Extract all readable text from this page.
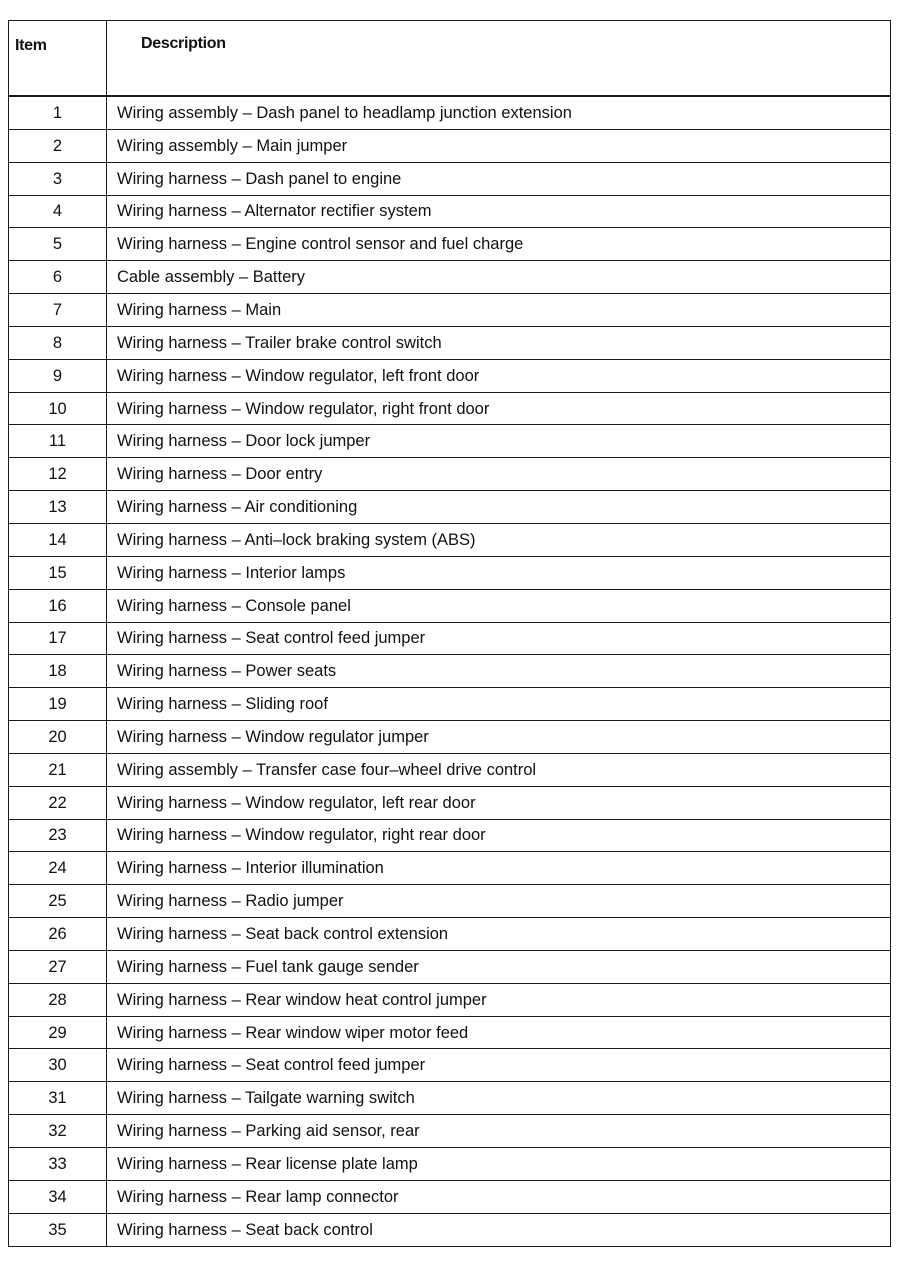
Item	Description
1	Wiring assembly – Dash panel to headlamp junction extension
2	Wiring assembly – Main jumper
3	Wiring harness – Dash panel to engine
4	Wiring harness – Alternator rectifier system
5	Wiring harness – Engine control sensor and fuel charge
6	Cable assembly – Battery
7	Wiring harness – Main
8	Wiring harness – Trailer brake control switch
9	Wiring harness – Window regulator, left front door
10	Wiring harness – Window regulator, right front door
11	Wiring harness – Door lock jumper
12	Wiring harness – Door entry
13	Wiring harness – Air conditioning
14	Wiring harness – Anti–lock braking system (ABS)
15	Wiring harness – Interior lamps
16	Wiring harness – Console panel
17	Wiring harness – Seat control feed jumper
18	Wiring harness – Power seats
19	Wiring harness – Sliding roof
20	Wiring harness – Window regulator jumper
21	Wiring assembly – Transfer case four–wheel drive control
22	Wiring harness – Window regulator, left rear door
23	Wiring harness – Window regulator, right rear door
24	Wiring harness – Interior illumination
25	Wiring harness – Radio jumper
26	Wiring harness – Seat back control extension
27	Wiring harness – Fuel tank gauge sender
28	Wiring harness – Rear window heat control jumper
29	Wiring harness – Rear window wiper motor feed
30	Wiring harness – Seat control feed jumper
31	Wiring harness – Tailgate warning switch
32	Wiring harness – Parking aid sensor, rear
33	Wiring harness – Rear license plate lamp
34	Wiring harness – Rear lamp connector
35	Wiring harness – Seat back control
